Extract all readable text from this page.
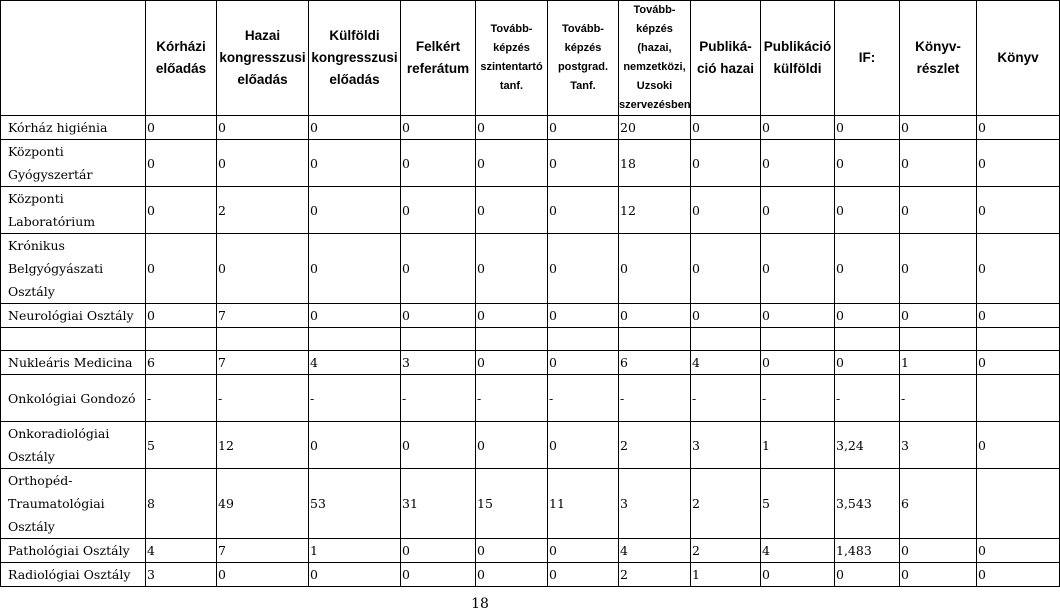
	Kórházi előadás	Hazai kongresszusi előadás	Külföldi kongresszusi előadás	Felkért referátum	Tovább-képzés szintentartó tanf.	Tovább-képzés postgrad. Tanf.	Tovább-képzés (hazai, nemzetközi, Uzsoki szervezésben	Publiká-ció hazai	Publikáció külföldi	IF:	Könyv-részlet	Könyv
Kórház higiénia	0	0	0	0	0	0	20	0	0	0	0	0
Központi Gyógyszertár	0	0	0	0	0	0	18	0	0	0	0	0
Központi Laboratórium	0	2	0	0	0	0	12	0	0	0	0	0
Krónikus Belgyógyászati Osztály	0	0	0	0	0	0	0	0	0	0	0	0
Neurológiai Osztály	0	7	0	0	0	0	0	0	0	0	0	0

Nukleáris Medicina	6	7	4	3	0	0	6	4	0	0	1	0
Onkológiai Gondozó	-	-	-	-	-	-	-	-	-	-	-	
Onkoradiológiai Osztály	5	12	0	0	0	0	2	3	1	3,24	3	0
Orthopéd-Traumatológiai Osztály	8	49	53	31	15	11	3	2	5	3,543	6	
Pathológiai Osztály	4	7	1	0	0	0	4	2	4	1,483	0	0
Radiológiai Osztály	3	0	0	0	0	0	2	1	0	0	0	0
18
